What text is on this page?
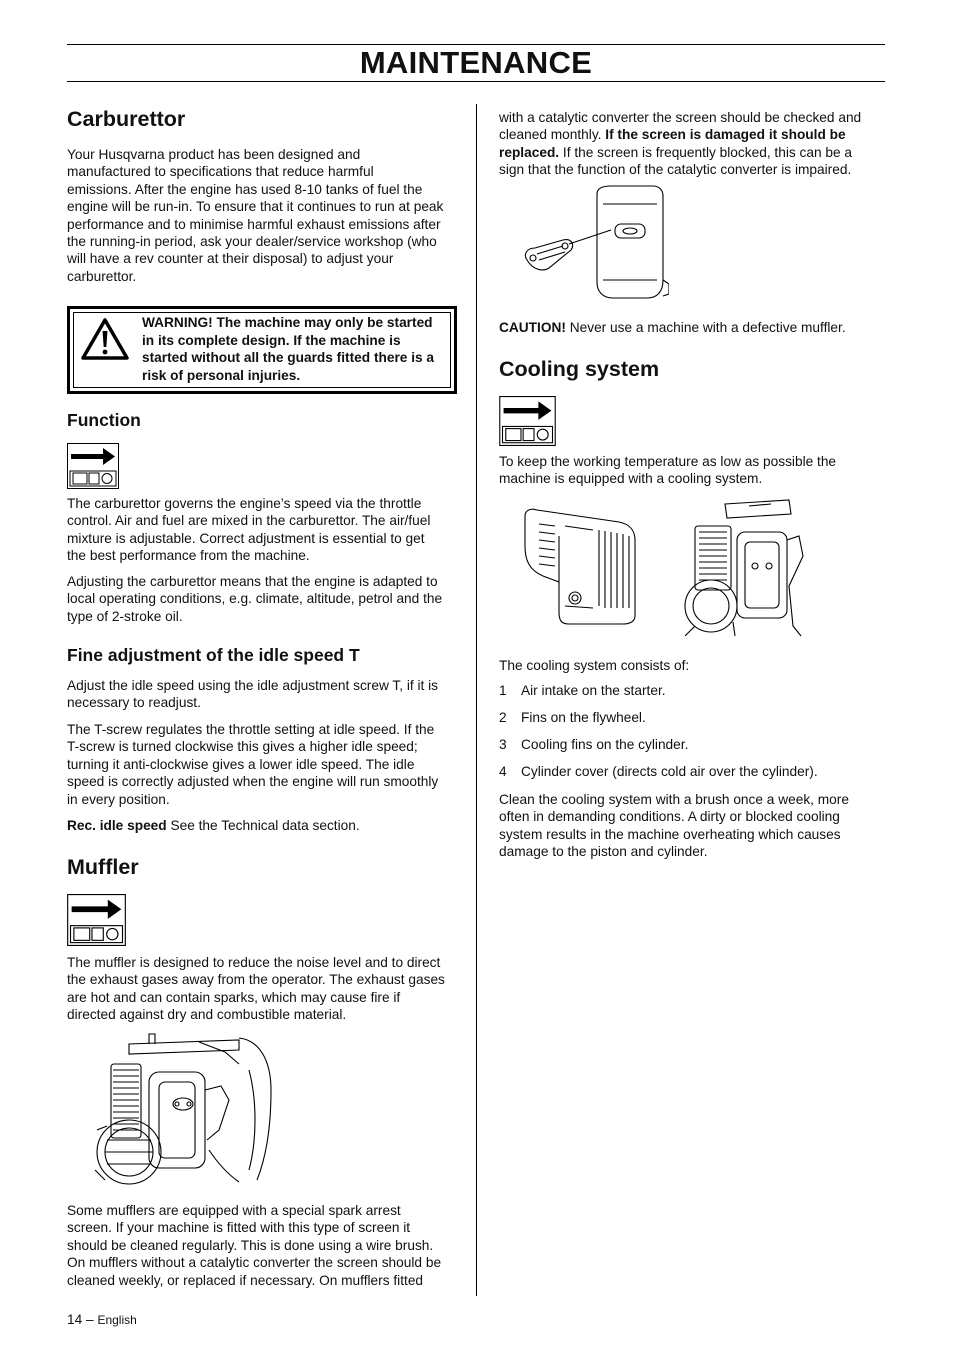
MAINTENANCE
Carburettor
Your Husqvarna product has been designed and
manufactured to specifications that reduce harmful
emissions. After the engine has used 8-10 tanks of fuel the
engine will be run-in. To ensure that it continues to run at peak
performance and to minimise harmful exhaust emissions after
the running-in period, ask your dealer/service workshop (who
will have a rev counter at their disposal) to adjust your
carburettor.
WARNING! The machine may only be started
in its complete design. If the machine is
started without all the guards fitted there is a
risk of personal injuries.
Function
The carburettor governs the engine’s speed via the throttle
control. Air and fuel are mixed in the carburettor. The air/fuel
mixture is adjustable. Correct adjustment is essential to get
the best performance from the machine.
Adjusting the carburettor means that the engine is adapted to
local operating conditions, e.g. climate, altitude, petrol and the
type of 2-stroke oil.
Fine adjustment of the idle speed T
Adjust the idle speed using the idle adjustment screw T, if it is
necessary to readjust.
The T-screw regulates the throttle setting at idle speed. If the
T-screw is turned clockwise this gives a higher idle speed;
turning it anti-clockwise gives a lower idle speed. The idle
speed is correctly adjusted when the engine will run smoothly
in every position.
Rec. idle speed See the Technical data section.
Muffler
The muffler is designed to reduce the noise level and to direct
the exhaust gases away from the operator. The exhaust gases
are hot and can contain sparks, which may cause fire if
directed against dry and combustible material.
Some mufflers are equipped with a special spark arrest
screen. If your machine is fitted with this type of screen it
should be cleaned regularly. This is done using a wire brush.
On mufflers without a catalytic converter the screen should be
cleaned weekly, or replaced if necessary. On mufflers fitted
with a catalytic converter the screen should be checked and
cleaned monthly. If the screen is damaged it should be
replaced. If the screen is frequently blocked, this can be a
sign that the function of the catalytic converter is impaired.
CAUTION! Never use a machine with a defective muffler.
Cooling system
To keep the working temperature as low as possible the
machine is equipped with a cooling system.
The cooling system consists of:
1 Air intake on the starter.
2 Fins on the flywheel.
3 Cooling fins on the cylinder.
4 Cylinder cover (directs cold air over the cylinder).
Clean the cooling system with a brush once a week, more
often in demanding conditions. A dirty or blocked cooling
system results in the machine overheating which causes
damage to the piston and cylinder.
14 – English
